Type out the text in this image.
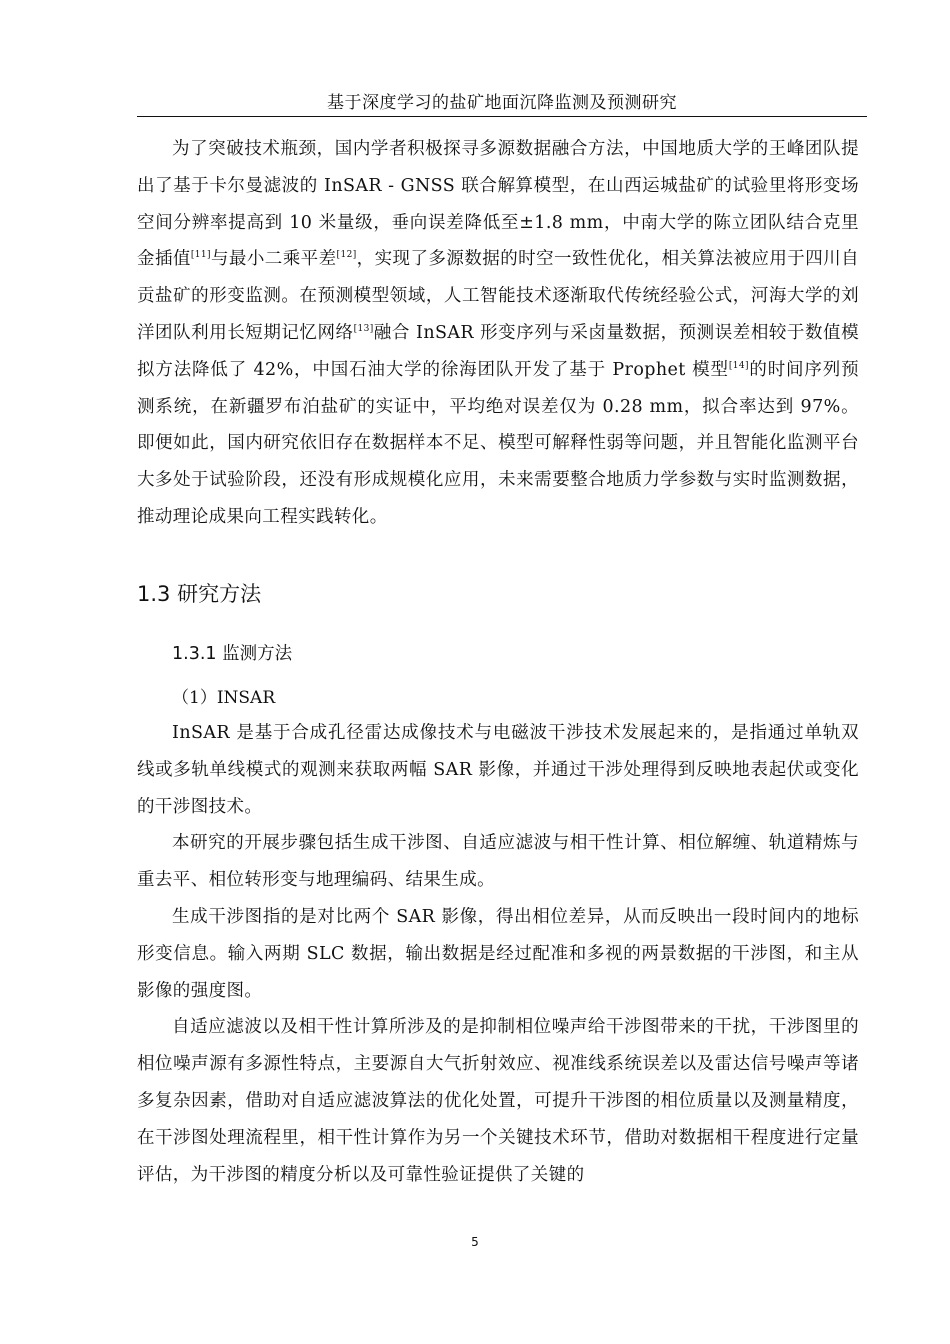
基于深度学习的盐矿地面沉降监测及预测研究

为了突破技术瓶颈，国内学者积极探寻多源数据融合方法，中国地质大学的王峰团队提出了基于卡尔曼滤波的 InSAR - GNSS 联合解算模型，在山西运城盐矿的试验里将形变场空间分辨率提高到 10 米量级，垂向误差降低至±1.8 mm，中南大学的陈立团队结合克里金插值[11]与最小二乘平差[12]，实现了多源数据的时空一致性优化，相关算法被应用于四川自贡盐矿的形变监测。在预测模型领域，人工智能技术逐渐取代传统经验公式，河海大学的刘洋团队利用长短期记忆网络[13]融合 InSAR 形变序列与采卤量数据，预测误差相较于数值模拟方法降低了 42%，中国石油大学的徐海团队开发了基于 Prophet 模型[14]的时间序列预测系统，在新疆罗布泊盐矿的实证中，平均绝对误差仅为 0.28 mm，拟合率达到 97%。即便如此，国内研究依旧存在数据样本不足、模型可解释性弱等问题，并且智能化监测平台大多处于试验阶段，还没有形成规模化应用，未来需要整合地质力学参数与实时监测数据，推动理论成果向工程实践转化。

1.3 研究方法
1.3.1 监测方法
（1）INSAR

InSAR 是基于合成孔径雷达成像技术与电磁波干涉技术发展起来的，是指通过单轨双线或多轨单线模式的观测来获取两幅 SAR 影像，并通过干涉处理得到反映地表起伏或变化的干涉图技术。

本研究的开展步骤包括生成干涉图、自适应滤波与相干性计算、相位解缠、轨道精炼与重去平、相位转形变与地理编码、结果生成。

生成干涉图指的是对比两个 SAR 影像，得出相位差异，从而反映出一段时间内的地标形变信息。输入两期 SLC 数据，输出数据是经过配准和多视的两景数据的干涉图，和主从影像的强度图。

自适应滤波以及相干性计算所涉及的是抑制相位噪声给干涉图带来的干扰，干涉图里的相位噪声源有多源性特点，主要源自大气折射效应、视准线系统误差以及雷达信号噪声等诸多复杂因素，借助对自适应滤波算法的优化处置，可提升干涉图的相位质量以及测量精度，在干涉图处理流程里，相干性计算作为另一个关键技术环节，借助对数据相干程度进行定量评估，为干涉图的精度分析以及可靠性验证提供了关键的

5
